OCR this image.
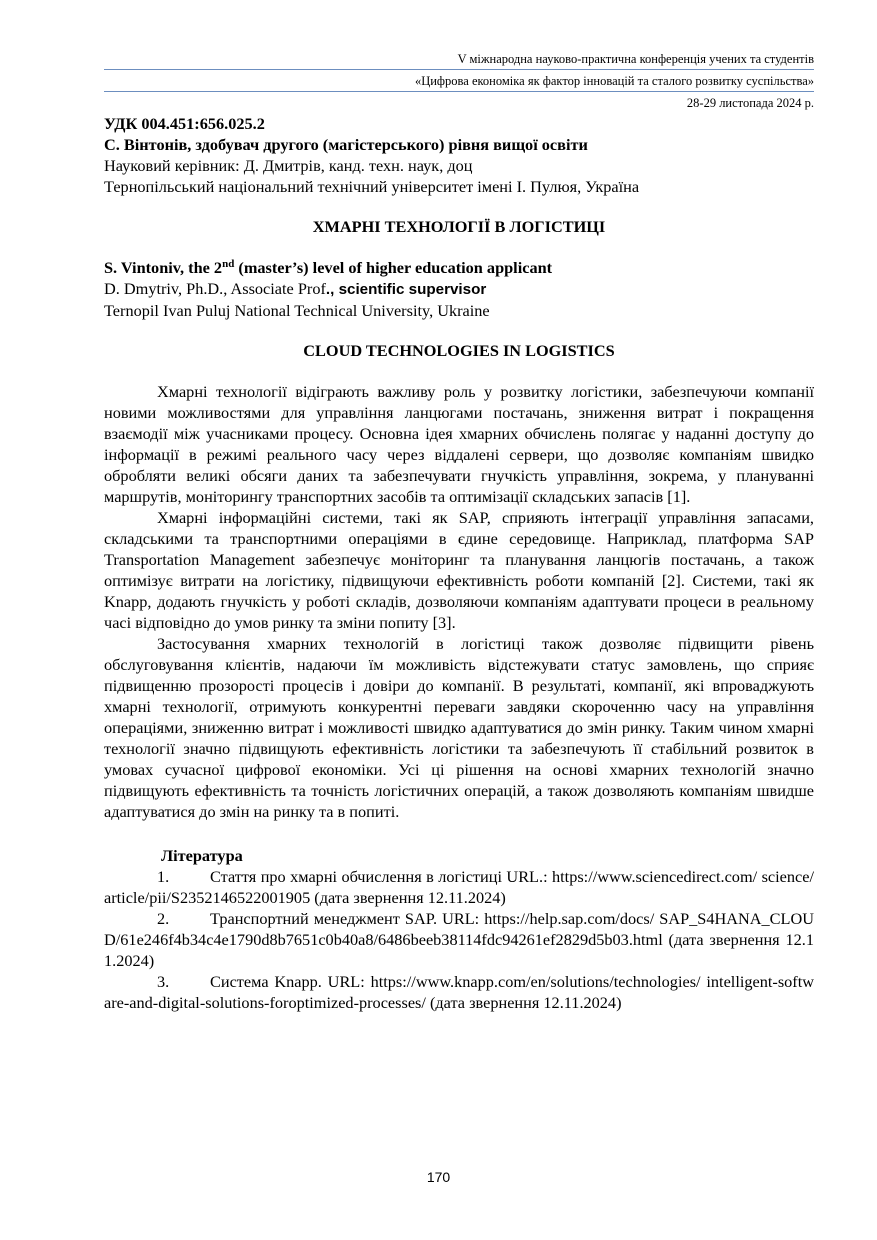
V міжнародна науково-практична конференція учених та студентів
«Цифрова економіка як фактор інновацій та сталого розвитку суспільства»
28-29 листопада 2024 р.
УДК 004.451:656.025.2
С. Вінтонів, здобувач другого (магістерського) рівня вищої освіти
Науковий керівник: Д. Дмитрів, канд. техн. наук, доц
Тернопільський національний технічний університет імені І. Пулюя, Україна
ХМАРНІ ТЕХНОЛОГІЇ В ЛОГІСТИЦІ
S. Vintoniv, the 2nd (master’s) level of higher education applicant
D. Dmytriv, Ph.D., Associate Prof., scientific supervisor
Ternopil Ivan Puluj National Technical University, Ukraine
CLOUD TECHNOLOGIES IN LOGISTICS

Хмарні технології відіграють важливу роль у розвитку логістики, забезпечуючи компанії новими можливостями для управління ланцюгами постачань, зниження витрат і покращення взаємодії між учасниками процесу. Основна ідея хмарних обчислень полягає у наданні доступу до інформації в режимі реального часу через віддалені сервери, що дозволяє компаніям швидко обробляти великі обсяги даних та забезпечувати гнучкість управління, зокрема, у плануванні маршрутів, моніторингу транспортних засобів та оптимізації складських запасів [1].

Хмарні інформаційні системи, такі як SAP, сприяють інтеграції управління запасами, складськими та транспортними операціями в єдине середовище. Наприклад, платформа SAP Transportation Management забезпечує моніторинг та планування ланцюгів постачань, а також оптимізує витрати на логістику, підвищуючи ефективність роботи компаній [2]. Системи, такі як Knapp, додають гнучкість у роботі складів, дозволяючи компаніям адаптувати процеси в реальному часі відповідно до умов ринку та зміни попиту [3].

Застосування хмарних технологій в логістиці також дозволяє підвищити рівень обслуговування клієнтів, надаючи їм можливість відстежувати статус замовлень, що сприяє підвищенню прозорості процесів і довіри до компанії. В результаті, компанії, які впроваджують хмарні технології, отримують конкурентні переваги завдяки скороченню часу на управління операціями, зниженню витрат і можливості швидко адаптуватися до змін ринку. Таким чином хмарні технології значно підвищують ефективність логістики та забезпечують її стабільний розвиток в умовах сучасної цифрової економіки. Усі ці рішення на основі хмарних технологій значно підвищують ефективність та точність логістичних операцій, а також дозволяють компаніям швидше адаптуватися до змін на ринку та в попиті.

Література
1.	Стаття про хмарні обчислення в логістиці URL.: https://www.sciencedirect.com/ science/article/pii/S2352146522001905 (дата звернення 12.11.2024)
2.	Транспортний менеджмент SAP. URL: https://help.sap.com/docs/ SAP_S4HANA_CLOUD/61e246f4b34c4e1790d8b7651c0b40a8/6486beeb38114fdc94261ef2829d5b03.html (дата звернення 12.11.2024)
3.	Система Knapp. URL: https://www.knapp.com/en/solutions/technologies/ intelligent-software-and-digital-solutions-foroptimized-processes/ (дата звернення 12.11.2024)
170
